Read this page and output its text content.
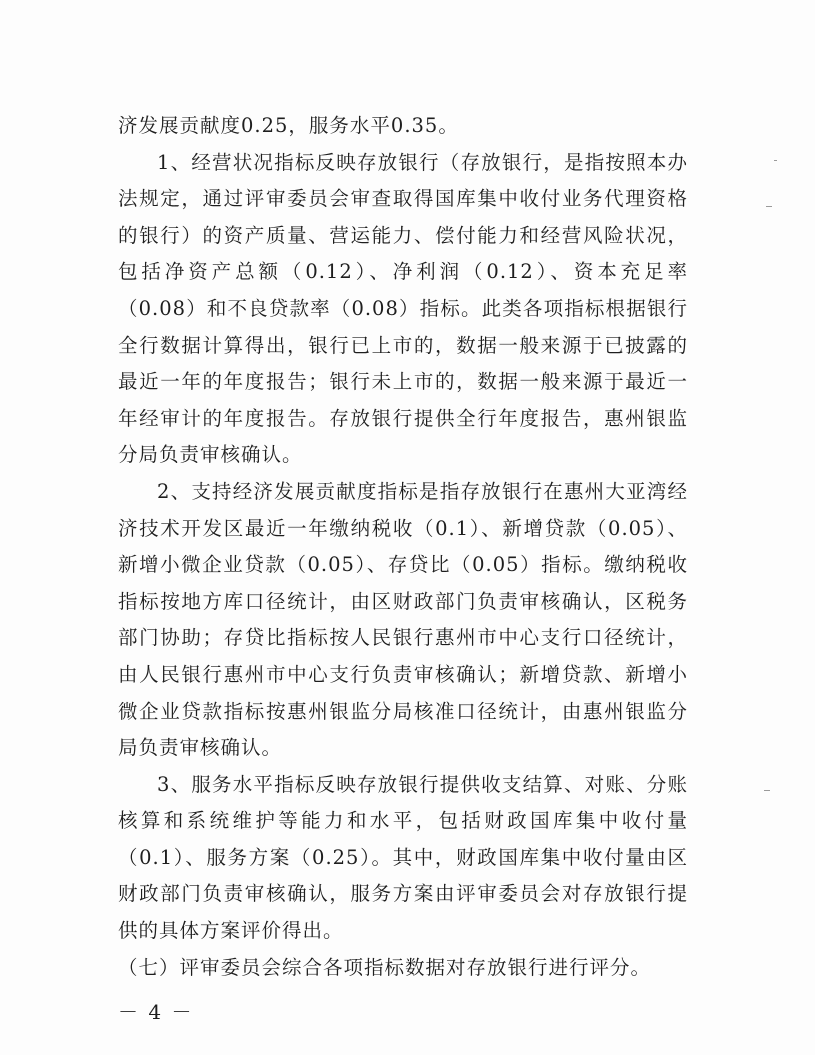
济发展贡献度0.25，服务水平0.35。

1、经营状况指标反映存放银行（存放银行，是指按照本办法规定，通过评审委员会审查取得国库集中收付业务代理资格的银行）的资产质量、营运能力、偿付能力和经营风险状况，包括净资产总额（0.12）、净利润（0.12）、资本充足率（0.08）和不良贷款率（0.08）指标。此类各项指标根据银行全行数据计算得出，银行已上市的，数据一般来源于已披露的最近一年的年度报告；银行未上市的，数据一般来源于最近一年经审计的年度报告。存放银行提供全行年度报告，惠州银监分局负责审核确认。

2、支持经济发展贡献度指标是指存放银行在惠州大亚湾经济技术开发区最近一年缴纳税收（0.1）、新增贷款（0.05）、新增小微企业贷款（0.05）、存贷比（0.05）指标。缴纳税收指标按地方库口径统计，由区财政部门负责审核确认，区税务部门协助；存贷比指标按人民银行惠州市中心支行口径统计，由人民银行惠州市中心支行负责审核确认；新增贷款、新增小微企业贷款指标按惠州银监分局核准口径统计，由惠州银监分局负责审核确认。

3、服务水平指标反映存放银行提供收支结算、对账、分账核算和系统维护等能力和水平，包括财政国库集中收付量（0.1）、服务方案（0.25）。其中，财政国库集中收付量由区财政部门负责审核确认，服务方案由评审委员会对存放银行提供的具体方案评价得出。

（七）评审委员会综合各项指标数据对存放银行进行评分。

－ 4 －
